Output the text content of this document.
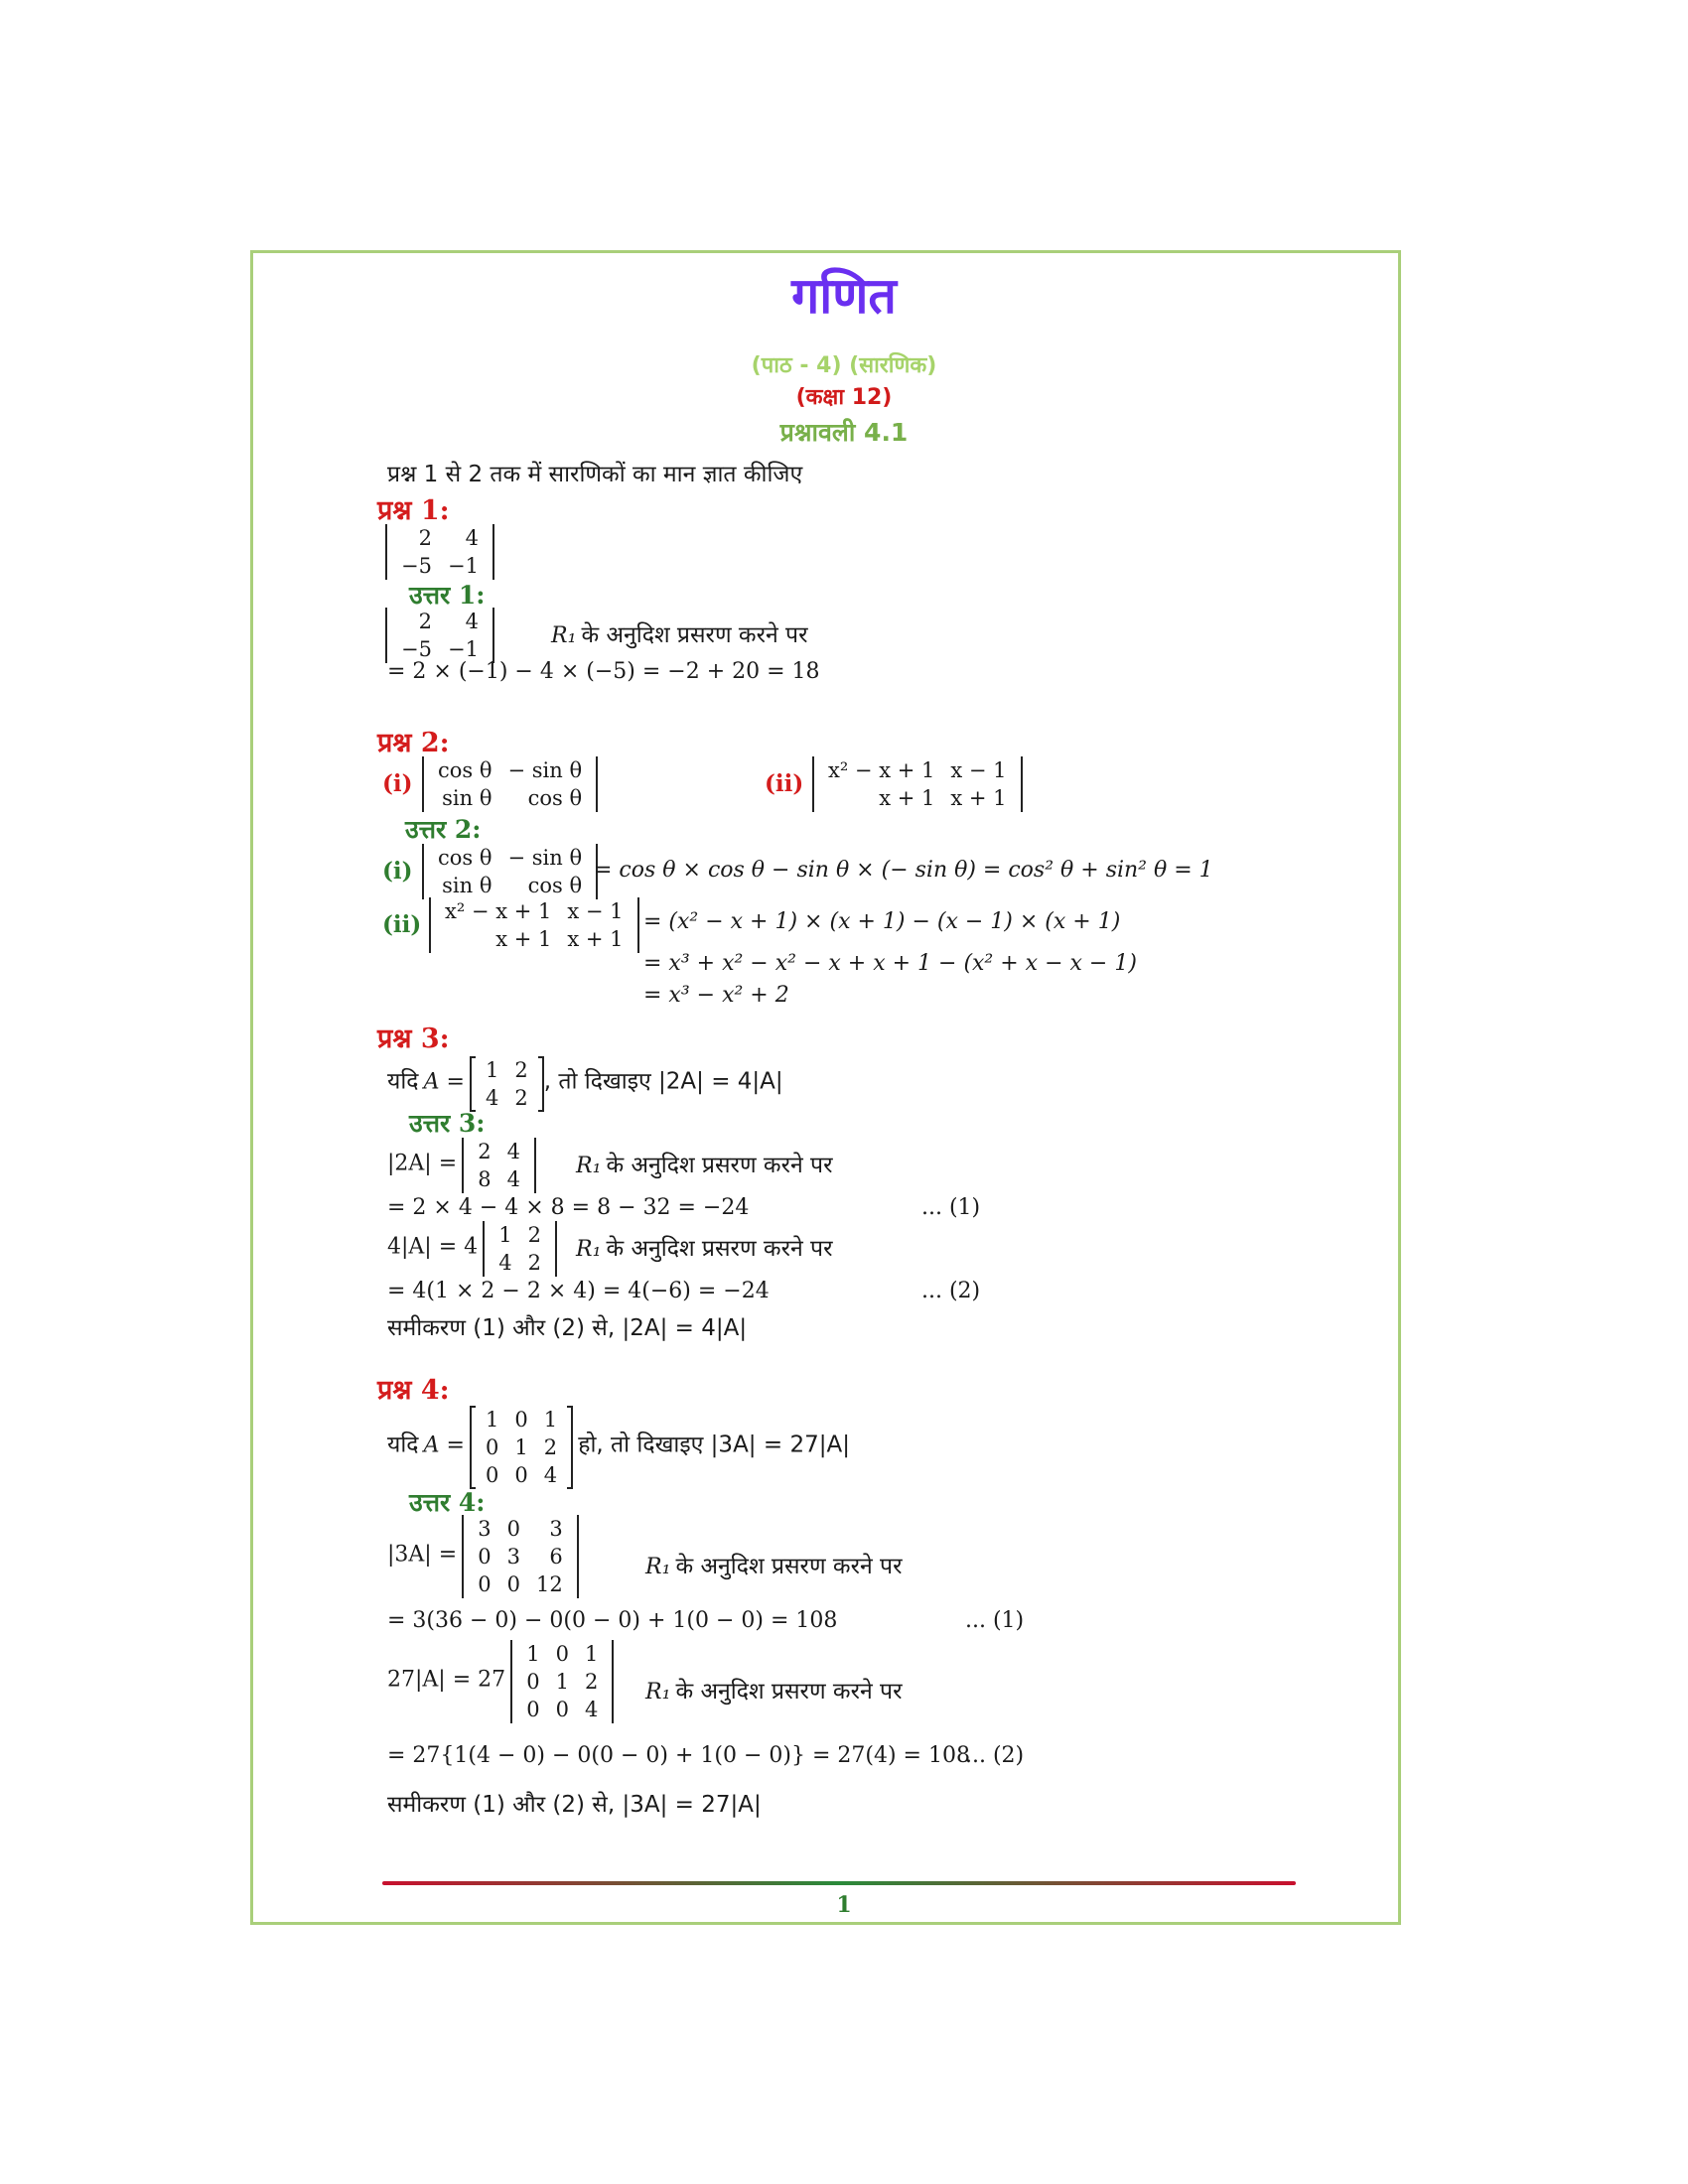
गणित
(पाठ - 4) (सारणिक)
(कक्षा 12)
प्रश्नावली 4.1
प्रश्न 1 से 2 तक में सारणिकों का मान ज्ञात कीजिए
प्रश्न 1:
2	4
−5	−1
उत्तर 1:
2	4
−5	−1
R₁ के अनुदिश प्रसरण करने पर
= 2 × (−1) − 4 × (−5) = −2 + 20 = 18
प्रश्न 2:
(i) cos θ	− sin θ
sin θ	cos θ
(ii) x² − x + 1	x − 1
x + 1	x + 1
उत्तर 2:
(i) cos θ	− sin θ
sin θ	cos θ
= cos θ × cos θ − sin θ × (− sin θ) = cos² θ + sin² θ = 1
(ii) x² − x + 1	x − 1
x + 1	x + 1
= (x² − x + 1) × (x + 1) − (x − 1) × (x + 1)
= x³ + x² − x² − x + x + 1 − (x² + x − x − 1)
= x³ − x² + 2
प्रश्न 3:
यदि A = 1	2
4	2
, तो दिखाइए |2A| = 4|A|
उत्तर 3:
|2A| = 2	4
8	4
R₁ के अनुदिश प्रसरण करने पर
= 2 × 4 − 4 × 8 = 8 − 32 = −24	... (1)
4|A| = 4 1	2
4	2
R₁ के अनुदिश प्रसरण करने पर
= 4(1 × 2 − 2 × 4) = 4(−6) = −24	... (2)
समीकरण (1) और (2) से, |2A| = 4|A|
प्रश्न 4:
यदि A =
1	0	1
0	1	2
0	0	4
हो, तो दिखाइए |3A| = 27|A|
उत्तर 4:
|3A| =
3	0	3
0	3	6
0	0	12
R₁ के अनुदिश प्रसरण करने पर
= 3(36 − 0) − 0(0 − 0) + 1(0 − 0) = 108	... (1)
27|A| = 27
1	0	1
0	1	2
0	0	4
R₁ के अनुदिश प्रसरण करने पर
= 27{1(4 − 0) − 0(0 − 0) + 1(0 − 0)} = 27(4) = 108
... (2)
समीकरण (1) और (2) से, |3A| = 27|A|
1
